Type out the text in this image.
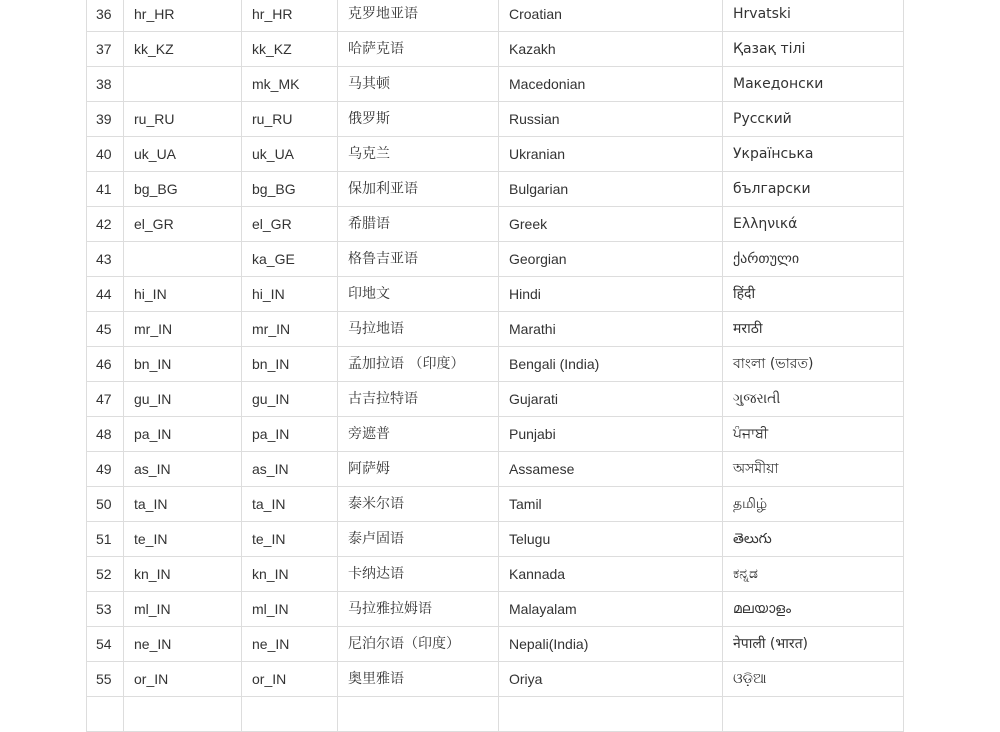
36	hr_HR	hr_HR	克罗地亚语	Croatian	Hrvatski
37	kk_KZ	kk_KZ	哈萨克语	Kazakh	Қазақ тілі
38		mk_MK	马其顿	Macedonian	Македонски
39	ru_RU	ru_RU	俄罗斯	Russian	Русский
40	uk_UA	uk_UA	乌克兰	Ukranian	Українська
41	bg_BG	bg_BG	保加利亚语	Bulgarian	български
42	el_GR	el_GR	希腊语	Greek	Ελληνικά
43		ka_GE	格鲁吉亚语	Georgian	ქართული
44	hi_IN	hi_IN	印地文	Hindi	हिंदी
45	mr_IN	mr_IN	马拉地语	Marathi	मराठी
46	bn_IN	bn_IN	孟加拉语 （印度）	Bengali (India)	বাংলা (ভারত)
47	gu_IN	gu_IN	古吉拉特语	Gujarati	ગુજરાતી
48	pa_IN	pa_IN	旁遮普	Punjabi	ਪੰਜਾਬੀ
49	as_IN	as_IN	阿萨姆	Assamese	অসমীয়া
50	ta_IN	ta_IN	泰米尔语	Tamil	தமிழ்
51	te_IN	te_IN	泰卢固语	Telugu	తెలుగు
52	kn_IN	kn_IN	卡纳达语	Kannada	ಕನ್ನಡ
53	ml_IN	ml_IN	马拉雅拉姆语	Malayalam	മലയാളം
54	ne_IN	ne_IN	尼泊尔语（印度）	Nepali(India)	नेपाली (भारत)
55	or_IN	or_IN	奥里雅语	Oriya	ଓଡ଼ିଆ
